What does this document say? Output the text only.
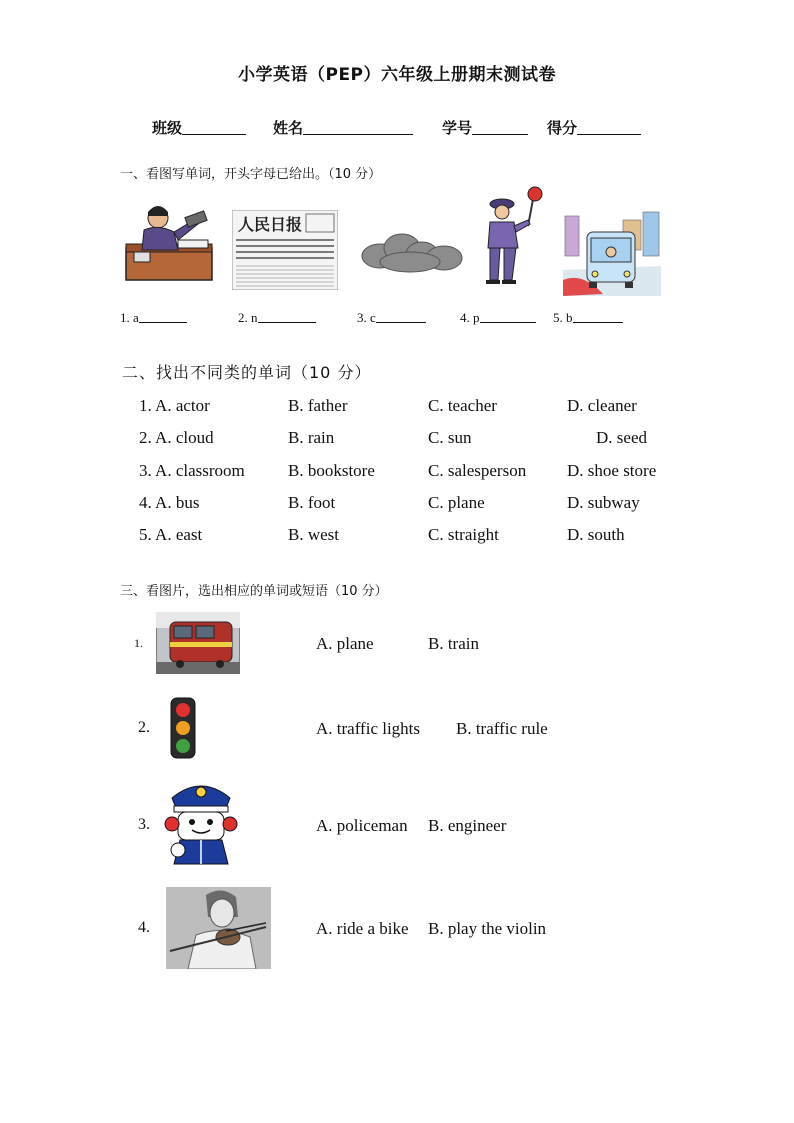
小学英语（PEP）六年级上册期末测试卷
班级	姓名	学号	得分
一、看图写单词，开头字母已给出。（10 分）
人民日报
1. a	2. n	3. c	4. p	5. b
二、找出不同类的单词（10 分）
1. A. actor	B. father	C. teacher	D. cleaner
2. A. cloud	B. rain	C. sun	D. seed
3. A. classroom	B. bookstore	C. salesperson D. shoe store
4. A. bus	B. foot	C. plane	D. subway
5. A. east	B. west	C. straight	D. south
三、看图片，选出相应的单词或短语（10 分）
1.	A. plane	B. train
2.	A. traffic lights B. traffic rule
3.	A. policeman B. engineer
4.	A. ride a bike B. play the violin
